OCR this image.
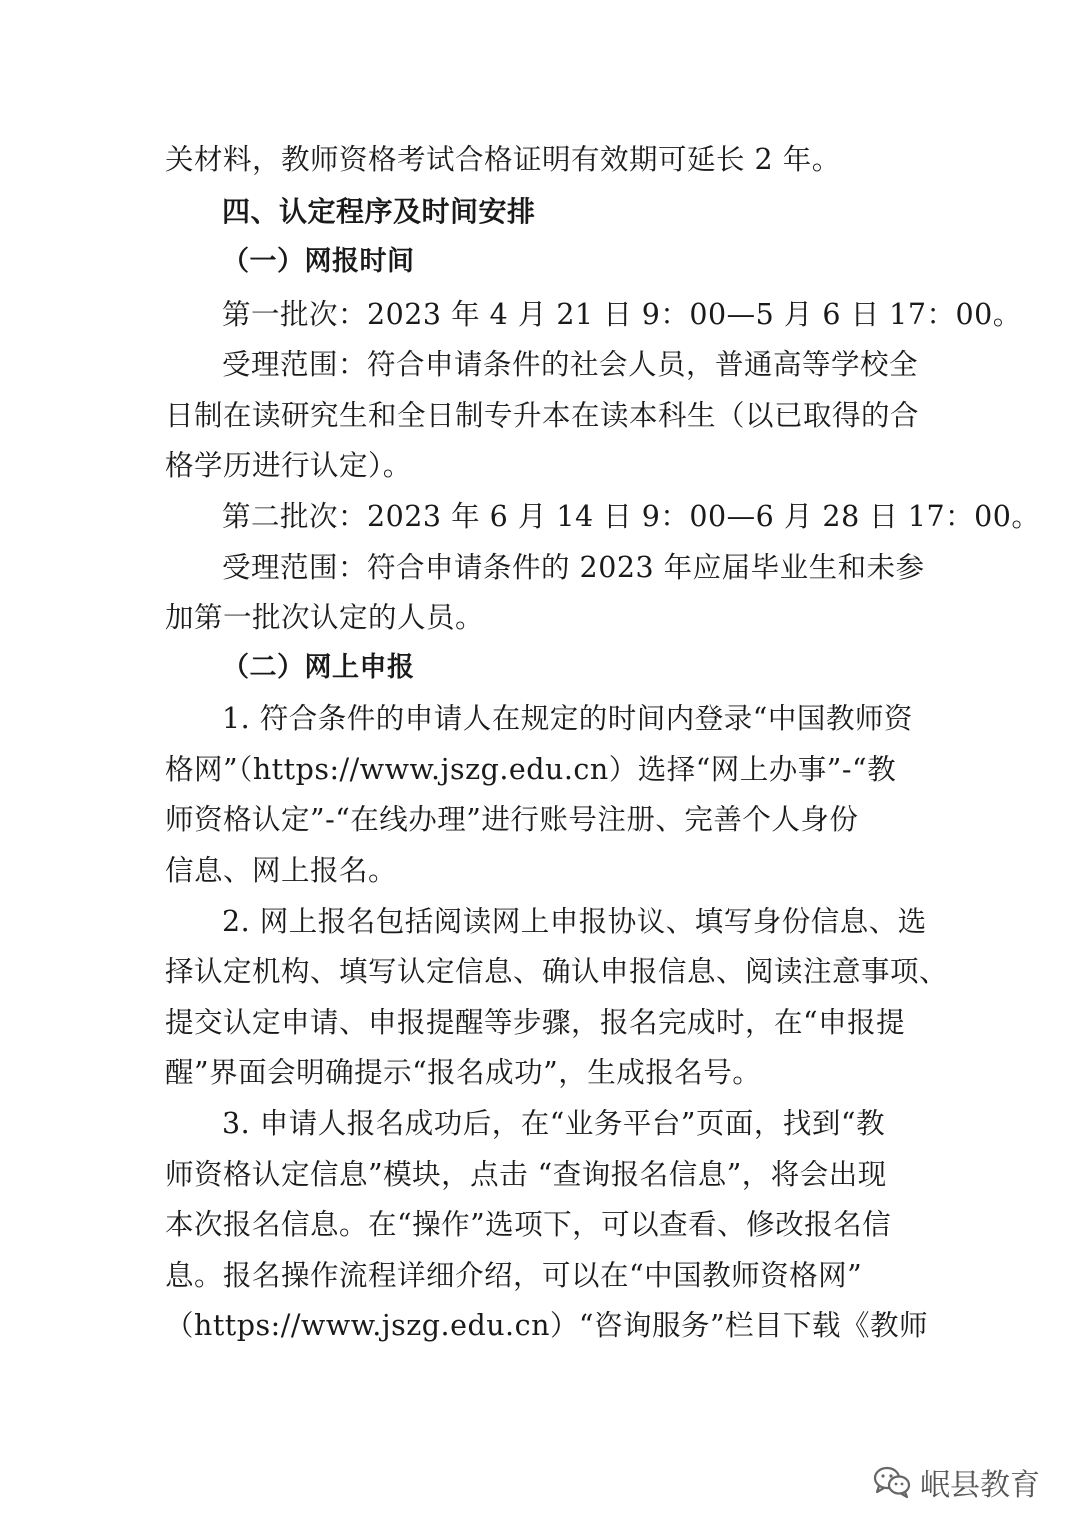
关材料，教师资格考试合格证明有效期可延长 2 年。
四、认定程序及时间安排
（一）网报时间
第一批次：2023 年 4 月 21 日 9：00—5 月 6 日 17：00。
受理范围：符合申请条件的社会人员，普通高等学校全
日制在读研究生和全日制专升本在读本科生（以已取得的合
格学历进行认定）。
第二批次：2023 年 6 月 14 日 9：00—6 月 28 日 17：00。
受理范围：符合申请条件的 2023 年应届毕业生和未参
加第一批次认定的人员。
（二）网上申报
1. 符合条件的申请人在规定的时间内登录“中国教师资
格网”（https://www.jszg.edu.cn）选择“网上办事”-“教
师资格认定”-“在线办理”进行账号注册、完善个人身份
信息、网上报名。
2. 网上报名包括阅读网上申报协议、填写身份信息、选
择认定机构、填写认定信息、确认申报信息、阅读注意事项、
提交认定申请、申报提醒等步骤，报名完成时，在“申报提
醒”界面会明确提示“报名成功”，生成报名号。
3. 申请人报名成功后，在“业务平台”页面，找到“教
师资格认定信息”模块，点击 “查询报名信息”，将会出现
本次报名信息。在“操作”选项下，可以查看、修改报名信
息。报名操作流程详细介绍，可以在“中国教师资格网”
（https://www.jszg.edu.cn）“咨询服务”栏目下载《教师
岷县教育
